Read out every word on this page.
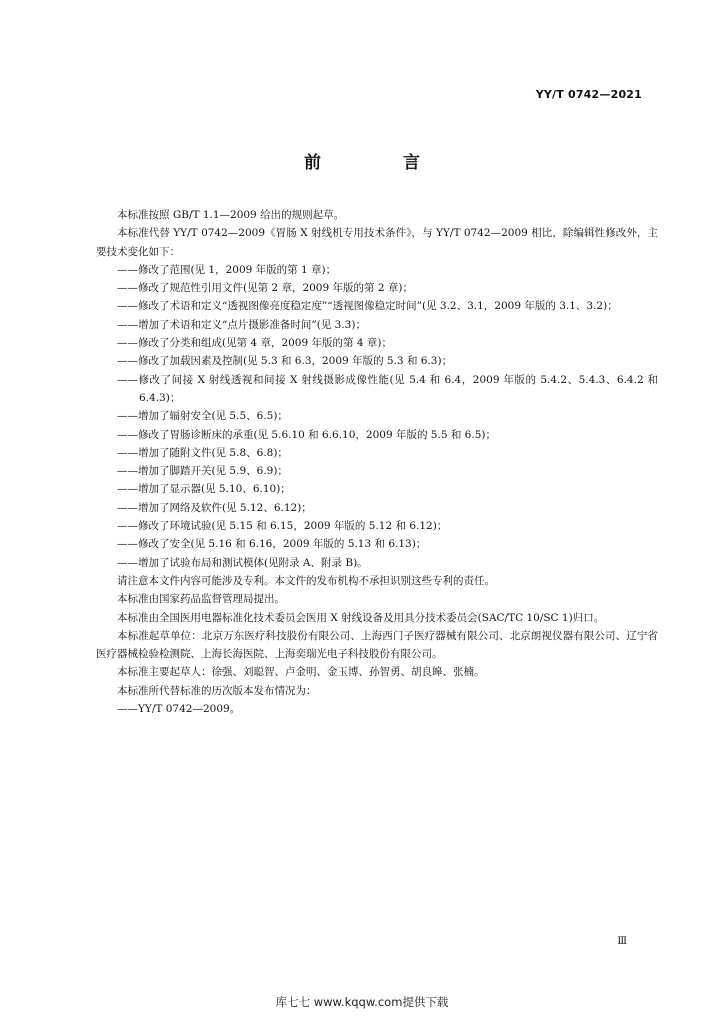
YY/T 0742—2021
前 言

本标准按照 GB/T 1.1—2009 给出的规则起草。

本标准代替 YY/T 0742—2009《胃肠 X 射线机专用技术条件》，与 YY/T 0742—2009 相比，除编辑性修改外，主要技术变化如下：

——修改了范围(见 1，2009 年版的第 1 章)；

——修改了规范性引用文件(见第 2 章，2009 年版的第 2 章)；

——修改了术语和定义“透视图像亮度稳定度”“透视图像稳定时间”(见 3.2、3.1，2009 年版的 3.1、3.2)；

——增加了术语和定义“点片摄影准备时间”(见 3.3)；

——修改了分类和组成(见第 4 章，2009 年版的第 4 章)；

——修改了加载因素及控制(见 5.3 和 6.3，2009 年版的 5.3 和 6.3)；

——修改了间接 X 射线透视和间接 X 射线摄影成像性能(见 5.4 和 6.4，2009 年版的 5.4.2、5.4.3、6.4.2 和 6.4.3)；

——增加了辐射安全(见 5.5、6.5)；

——修改了胃肠诊断床的承重(见 5.6.10 和 6.6.10，2009 年版的 5.5 和 6.5)；

——增加了随附文件(见 5.8、6.8)；

——增加了脚踏开关(见 5.9、6.9)；

——增加了显示器(见 5.10、6.10)；

——增加了网络及软件(见 5.12、6.12)；

——修改了环境试验(见 5.15 和 6.15，2009 年版的 5.12 和 6.12)；

——修改了安全(见 5.16 和 6.16，2009 年版的 5.13 和 6.13)；

——增加了试验布局和测试模体(见附录 A、附录 B)。

请注意本文件内容可能涉及专利。本文件的发布机构不承担识别这些专利的责任。

本标准由国家药品监督管理局提出。

本标准由全国医用电器标准化技术委员会医用 X 射线设备及用具分技术委员会(SAC/TC 10/SC 1)归口。

本标准起草单位：北京万东医疗科技股份有限公司、上海西门子医疗器械有限公司、北京朗视仪器有限公司、辽宁省医疗器械检验检测院、上海长海医院、上海奕瑞光电子科技股份有限公司。

本标准主要起草人：徐强、刘聪智、卢金明、金玉博、孙智勇、胡良皞、张楠。

本标准所代替标准的历次版本发布情况为：

——YY/T 0742—2009。

Ⅲ
库七七 www.kqqw.com提供下载
